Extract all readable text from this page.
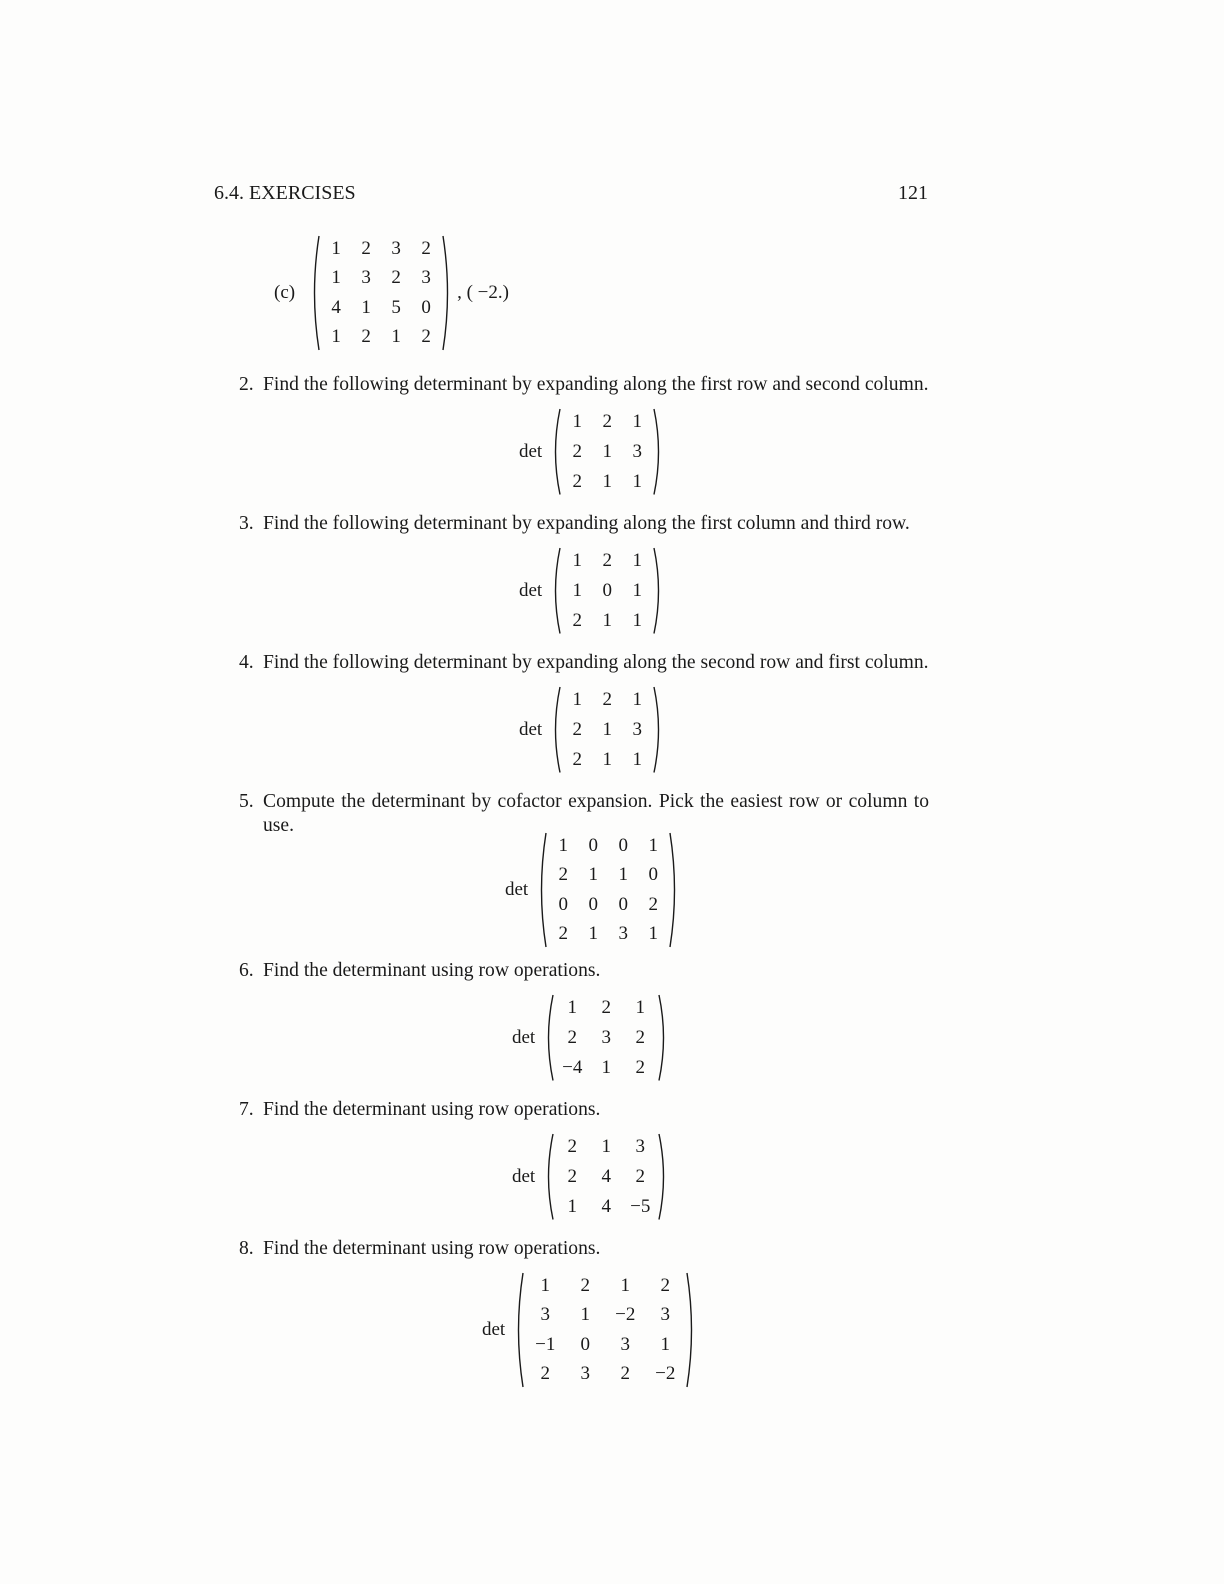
6.4. EXERCISES	121
(c)
1	2	3	2
1	3	2	3
4	1	5	0
1	2	1	2
, ( −2.)
2. Find the following determinant by expanding along the first row and second column.
det
1	2	1
2	1	3
2	1	1
3. Find the following determinant by expanding along the first column and third row.
det
1	2	1
1	0	1
2	1	1
4. Find the following determinant by expanding along the second row and first column.
det
1	2	1
2	1	3
2	1	1
5. Compute the determinant by cofactor expansion. Pick the easiest row or column to use.
det
1	0	0	1
2	1	1	0
0	0	0	2
2	1	3	1
6. Find the determinant using row operations.
det
1	2	1
2	3	2
−4	1	2
7. Find the determinant using row operations.
det
2	1	3
2	4	2
1	4	−5
8. Find the determinant using row operations.
det
1	2	1	2
3	1	−2	3
−1	0	3	1
2	3	2	−2
